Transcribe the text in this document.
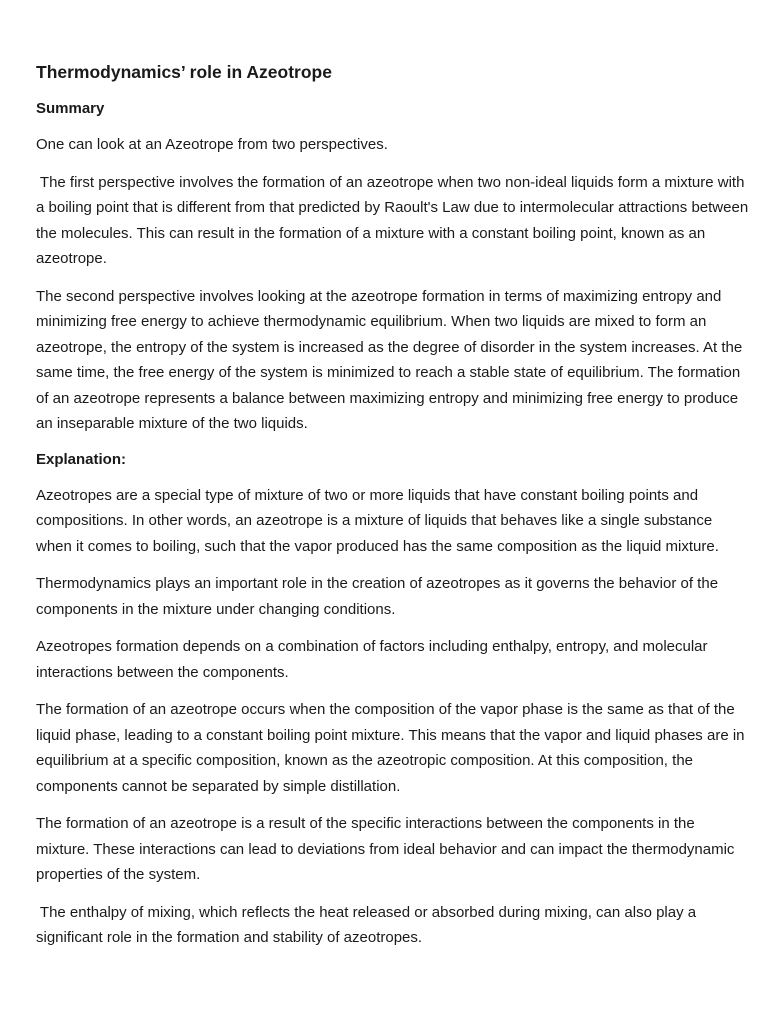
Thermodynamics’ role in Azeotrope
Summary

One can look at an Azeotrope from two perspectives.

The first perspective involves the formation of an azeotrope when two non-ideal liquids form a mixture with a boiling point that is different from that predicted by Raoult's Law due to intermolecular attractions between the molecules. This can result in the formation of a mixture with a constant boiling point, known as an azeotrope.

The second perspective involves looking at the azeotrope formation in terms of maximizing entropy and minimizing free energy to achieve thermodynamic equilibrium. When two liquids are mixed to form an azeotrope, the entropy of the system is increased as the degree of disorder in the system increases. At the same time, the free energy of the system is minimized to reach a stable state of equilibrium. The formation of an azeotrope represents a balance between maximizing entropy and minimizing free energy to produce an inseparable mixture of the two liquids.

Explanation:

Azeotropes are a special type of mixture of two or more liquids that have constant boiling points and compositions. In other words, an azeotrope is a mixture of liquids that behaves like a single substance when it comes to boiling, such that the vapor produced has the same composition as the liquid mixture.

Thermodynamics plays an important role in the creation of azeotropes as it governs the behavior of the components in the mixture under changing conditions.

Azeotropes formation depends on a combination of factors including enthalpy, entropy, and molecular interactions between the components.

The formation of an azeotrope occurs when the composition of the vapor phase is the same as that of the liquid phase, leading to a constant boiling point mixture. This means that the vapor and liquid phases are in equilibrium at a specific composition, known as the azeotropic composition. At this composition, the components cannot be separated by simple distillation.

The formation of an azeotrope is a result of the specific interactions between the components in the mixture. These interactions can lead to deviations from ideal behavior and can impact the thermodynamic properties of the system.

The enthalpy of mixing, which reflects the heat released or absorbed during mixing, can also play a significant role in the formation and stability of azeotropes.
